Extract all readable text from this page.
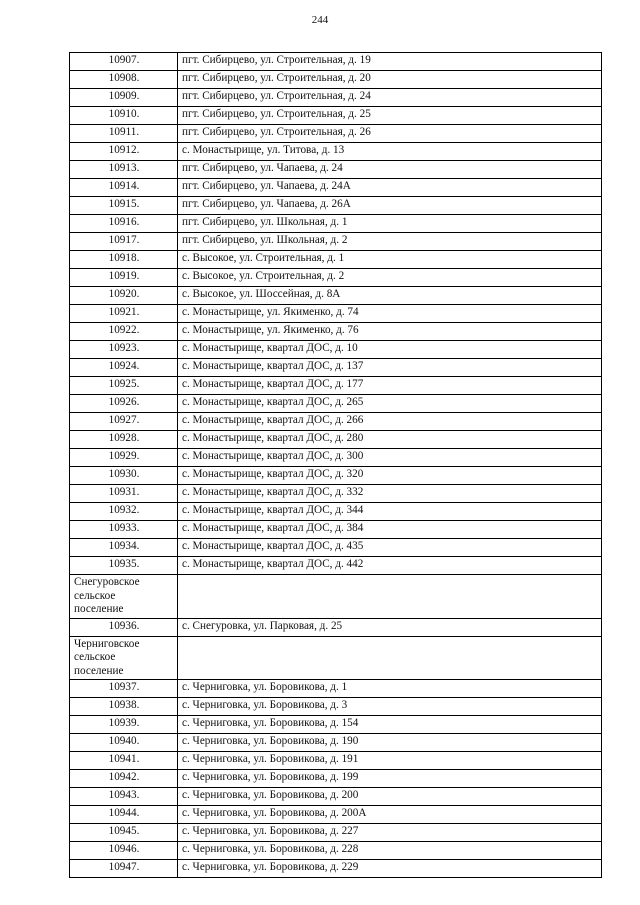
244
10907.	пгт. Сибирцево, ул. Строительная, д. 19
10908.	пгт. Сибирцево, ул. Строительная, д. 20
10909.	пгт. Сибирцево, ул. Строительная, д. 24
10910.	пгт. Сибирцево, ул. Строительная, д. 25
10911.	пгт. Сибирцево, ул. Строительная, д. 26
10912.	с. Монастырище, ул. Титова, д. 13
10913.	пгт. Сибирцево, ул. Чапаева, д. 24
10914.	пгт. Сибирцево, ул. Чапаева, д. 24А
10915.	пгт. Сибирцево, ул. Чапаева, д. 26А
10916.	пгт. Сибирцево, ул. Школьная, д. 1
10917.	пгт. Сибирцево, ул. Школьная, д. 2
10918.	с. Высокое, ул. Строительная, д. 1
10919.	с. Высокое, ул. Строительная, д. 2
10920.	с. Высокое, ул. Шоссейная, д. 8А
10921.	с. Монастырище, ул. Якименко, д. 74
10922.	с. Монастырище, ул. Якименко, д. 76
10923.	с. Монастырище, квартал ДОС, д. 10
10924.	с. Монастырище, квартал ДОС, д. 137
10925.	с. Монастырище, квартал ДОС, д. 177
10926.	с. Монастырище, квартал ДОС, д. 265
10927.	с. Монастырище, квартал ДОС, д. 266
10928.	с. Монастырище, квартал ДОС, д. 280
10929.	с. Монастырище, квартал ДОС, д. 300
10930.	с. Монастырище, квартал ДОС, д. 320
10931.	с. Монастырище, квартал ДОС, д. 332
10932.	с. Монастырище, квартал ДОС, д. 344
10933.	с. Монастырище, квартал ДОС, д. 384
10934.	с. Монастырище, квартал ДОС, д. 435
10935.	с. Монастырище, квартал ДОС, д. 442

Снегуровское
сельское
поселение	

10936.	с. Снегуровка, ул. Парковая, д. 25

Черниговское
сельское
поселение	

10937.	с. Черниговка, ул. Боровикова, д. 1
10938.	с. Черниговка, ул. Боровикова, д. 3
10939.	с. Черниговка, ул. Боровикова, д. 154
10940.	с. Черниговка, ул. Боровикова, д. 190
10941.	с. Черниговка, ул. Боровикова, д. 191
10942.	с. Черниговка, ул. Боровикова, д. 199
10943.	с. Черниговка, ул. Боровикова, д. 200
10944.	с. Черниговка, ул. Боровикова, д. 200А
10945.	с. Черниговка, ул. Боровикова, д. 227
10946.	с. Черниговка, ул. Боровикова, д. 228
10947.	с. Черниговка, ул. Боровикова, д. 229
